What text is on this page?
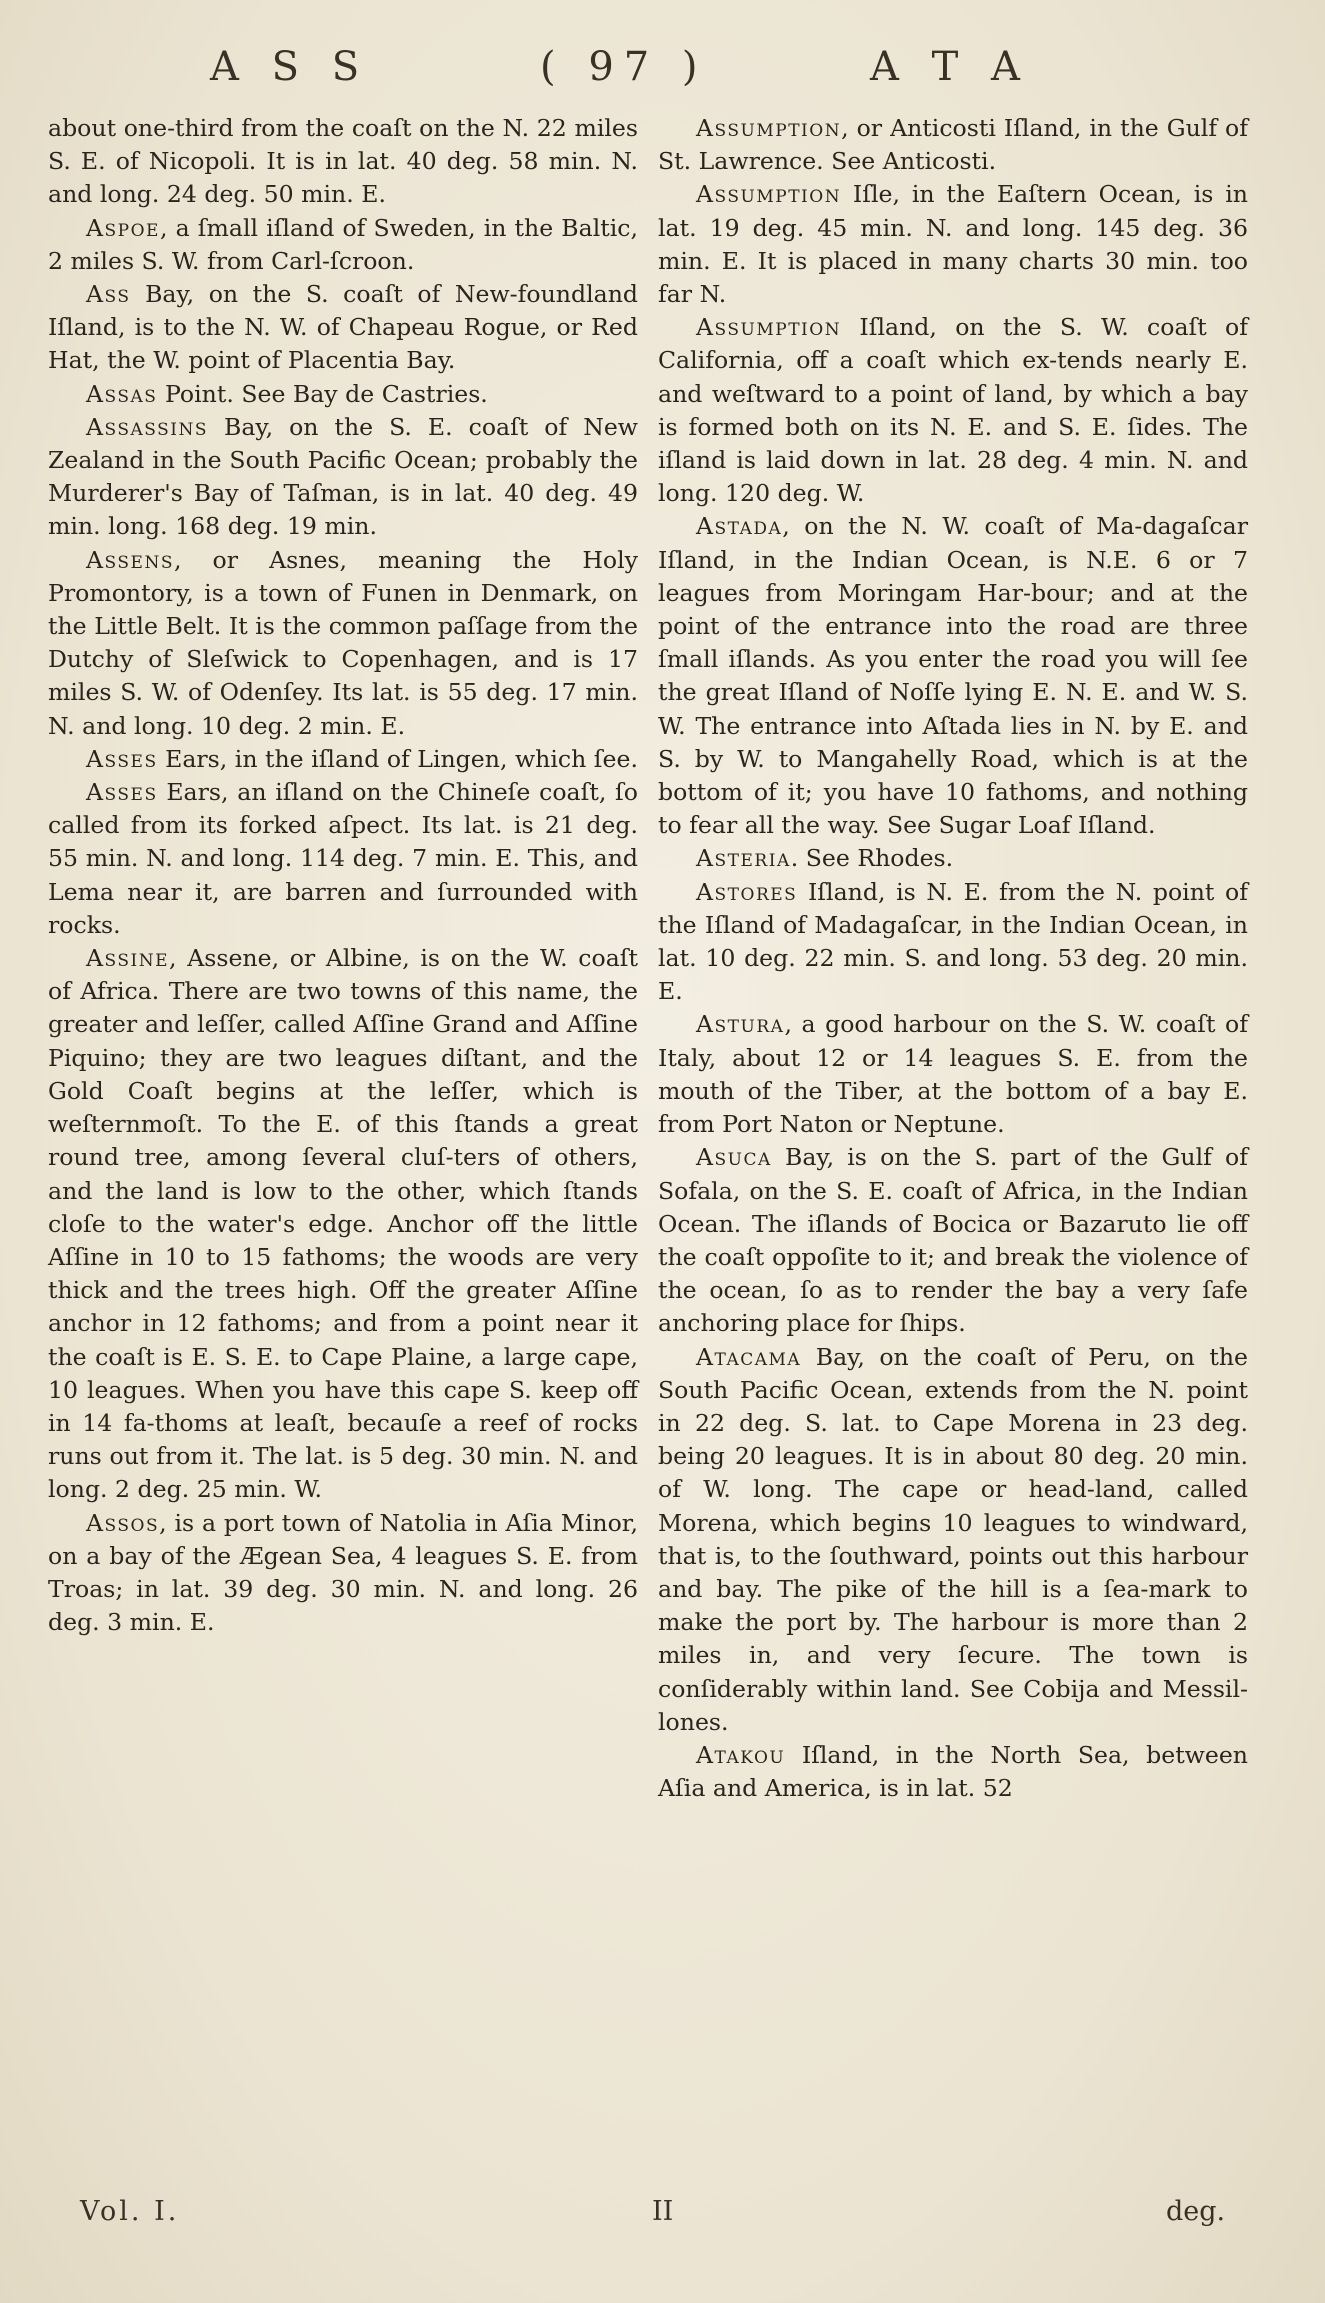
A S S	( 97 )	A T A

about one-third from the coaſt on the N. 22 miles S. E. of Nicopoli. It is in lat. 40 deg. 58 min. N. and long. 24 deg. 50 min. E.

Aspoe, a ſmall iſland of Sweden, in the Baltic, 2 miles S. W. from Carl-ſcroon.

Ass Bay, on the S. coaſt of New-foundland Iſland, is to the N. W. of Chapeau Rogue, or Red Hat, the W. point of Placentia Bay.

Assas Point. See Bay de Castries.

Assassins Bay, on the S. E. coaſt of New Zealand in the South Pacific Ocean; probably the Murderer's Bay of Taſman, is in lat. 40 deg. 49 min. long. 168 deg. 19 min.

Assens, or Asnes, meaning the Holy Promontory, is a town of Funen in Denmark, on the Little Belt. It is the common paſſage from the Dutchy of Sleſwick to Copenhagen, and is 17 miles S. W. of Odenſey. Its lat. is 55 deg. 17 min. N. and long. 10 deg. 2 min. E.

Asses Ears, in the iſland of Lingen, which ſee.

Asses Ears, an iſland on the Chineſe coaſt, ſo called from its forked aſpect. Its lat. is 21 deg. 55 min. N. and long. 114 deg. 7 min. E. This, and Lema near it, are barren and ſurrounded with rocks.

Assine, Assene, or Albine, is on the W. coaſt of Africa. There are two towns of this name, the greater and leſſer, called Aſſine Grand and Aſſine Piquino; they are two leagues diſtant, and the Gold Coaſt begins at the leſſer, which is weſternmoſt. To the E. of this ſtands a great round tree, among ſeveral cluſ-ters of others, and the land is low to the other, which ſtands cloſe to the water's edge. Anchor off the little Aſſine in 10 to 15 fathoms; the woods are very thick and the trees high. Off the greater Aſſine anchor in 12 fathoms; and from a point near it the coaſt is E. S. E. to Cape Plaine, a large cape, 10 leagues. When you have this cape S. keep off in 14 fa-thoms at leaſt, becauſe a reef of rocks runs out from it. The lat. is 5 deg. 30 min. N. and long. 2 deg. 25 min. W.

Assos, is a port town of Natolia in Aſia Minor, on a bay of the Ægean Sea, 4 leagues S. E. from Troas; in lat. 39 deg. 30 min. N. and long. 26 deg. 3 min. E.

Assumption, or Anticosti Iſland, in the Gulf of St. Lawrence. See Anticosti.

Assumption Iſle, in the Eaſtern Ocean, is in lat. 19 deg. 45 min. N. and long. 145 deg. 36 min. E. It is placed in many charts 30 min. too far N.

Assumption Iſland, on the S. W. coaſt of California, off a coaſt which ex-tends nearly E. and weſtward to a point of land, by which a bay is formed both on its N. E. and S. E. ſides. The iſland is laid down in lat. 28 deg. 4 min. N. and long. 120 deg. W.

Astada, on the N. W. coaſt of Ma-dagaſcar Iſland, in the Indian Ocean, is N.E. 6 or 7 leagues from Moringam Har-bour; and at the point of the entrance into the road are three ſmall iſlands. As you enter the road you will ſee the great Iſland of Noſſe lying E. N. E. and W. S. W. The entrance into Aſtada lies in N. by E. and S. by W. to Mangahelly Road, which is at the bottom of it; you have 10 fathoms, and nothing to fear all the way. See Sugar Loaf Iſland.

Asteria. See Rhodes.

Astores Iſland, is N. E. from the N. point of the Iſland of Madagaſcar, in the Indian Ocean, in lat. 10 deg. 22 min. S. and long. 53 deg. 20 min. E.

Astura, a good harbour on the S. W. coaſt of Italy, about 12 or 14 leagues S. E. from the mouth of the Tiber, at the bottom of a bay E. from Port Naton or Neptune.

Asuca Bay, is on the S. part of the Gulf of Sofala, on the S. E. coaſt of Africa, in the Indian Ocean. The iſlands of Bocica or Bazaruto lie off the coaſt oppoſite to it; and break the violence of the ocean, ſo as to render the bay a very ſafe anchoring place for ſhips.

Atacama Bay, on the coaſt of Peru, on the South Pacific Ocean, extends from the N. point in 22 deg. S. lat. to Cape Morena in 23 deg. being 20 leagues. It is in about 80 deg. 20 min. of W. long. The cape or head-land, called Morena, which begins 10 leagues to windward, that is, to the ſouthward, points out this harbour and bay. The pike of the hill is a ſea-mark to make the port by. The harbour is more than 2 miles in, and very ſecure. The town is conſiderably within land. See Cobija and Messil-lones.

Atakou Iſland, in the North Sea, between Aſia and America, is in lat. 52

Vol. I.	II	deg.
